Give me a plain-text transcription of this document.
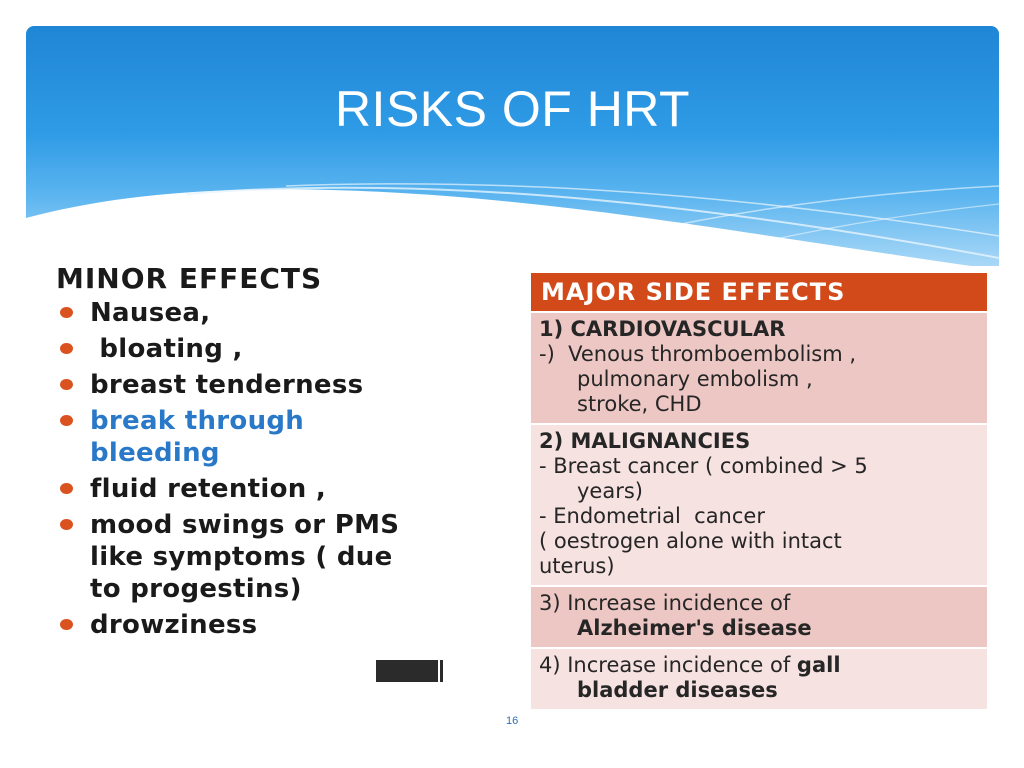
RISKS OF HRT
MINOR EFFECTS
Nausea,
bloating ,
breast tenderness
break through bleeding
fluid retention ,
mood swings or PMS like symptoms ( due to progestins)
drowziness
MAJOR SIDE EFFECTS
1) CARDIOVASCULAR
-)  Venous thromboembolism ,
pulmonary embolism ,
stroke, CHD
2) MALIGNANCIES
- Breast cancer ( combined > 5
years)
- Endometrial  cancer
( oestrogen alone with intact
uterus)
3) Increase incidence of
Alzheimer's disease
4) Increase incidence of gall
bladder diseases
16
